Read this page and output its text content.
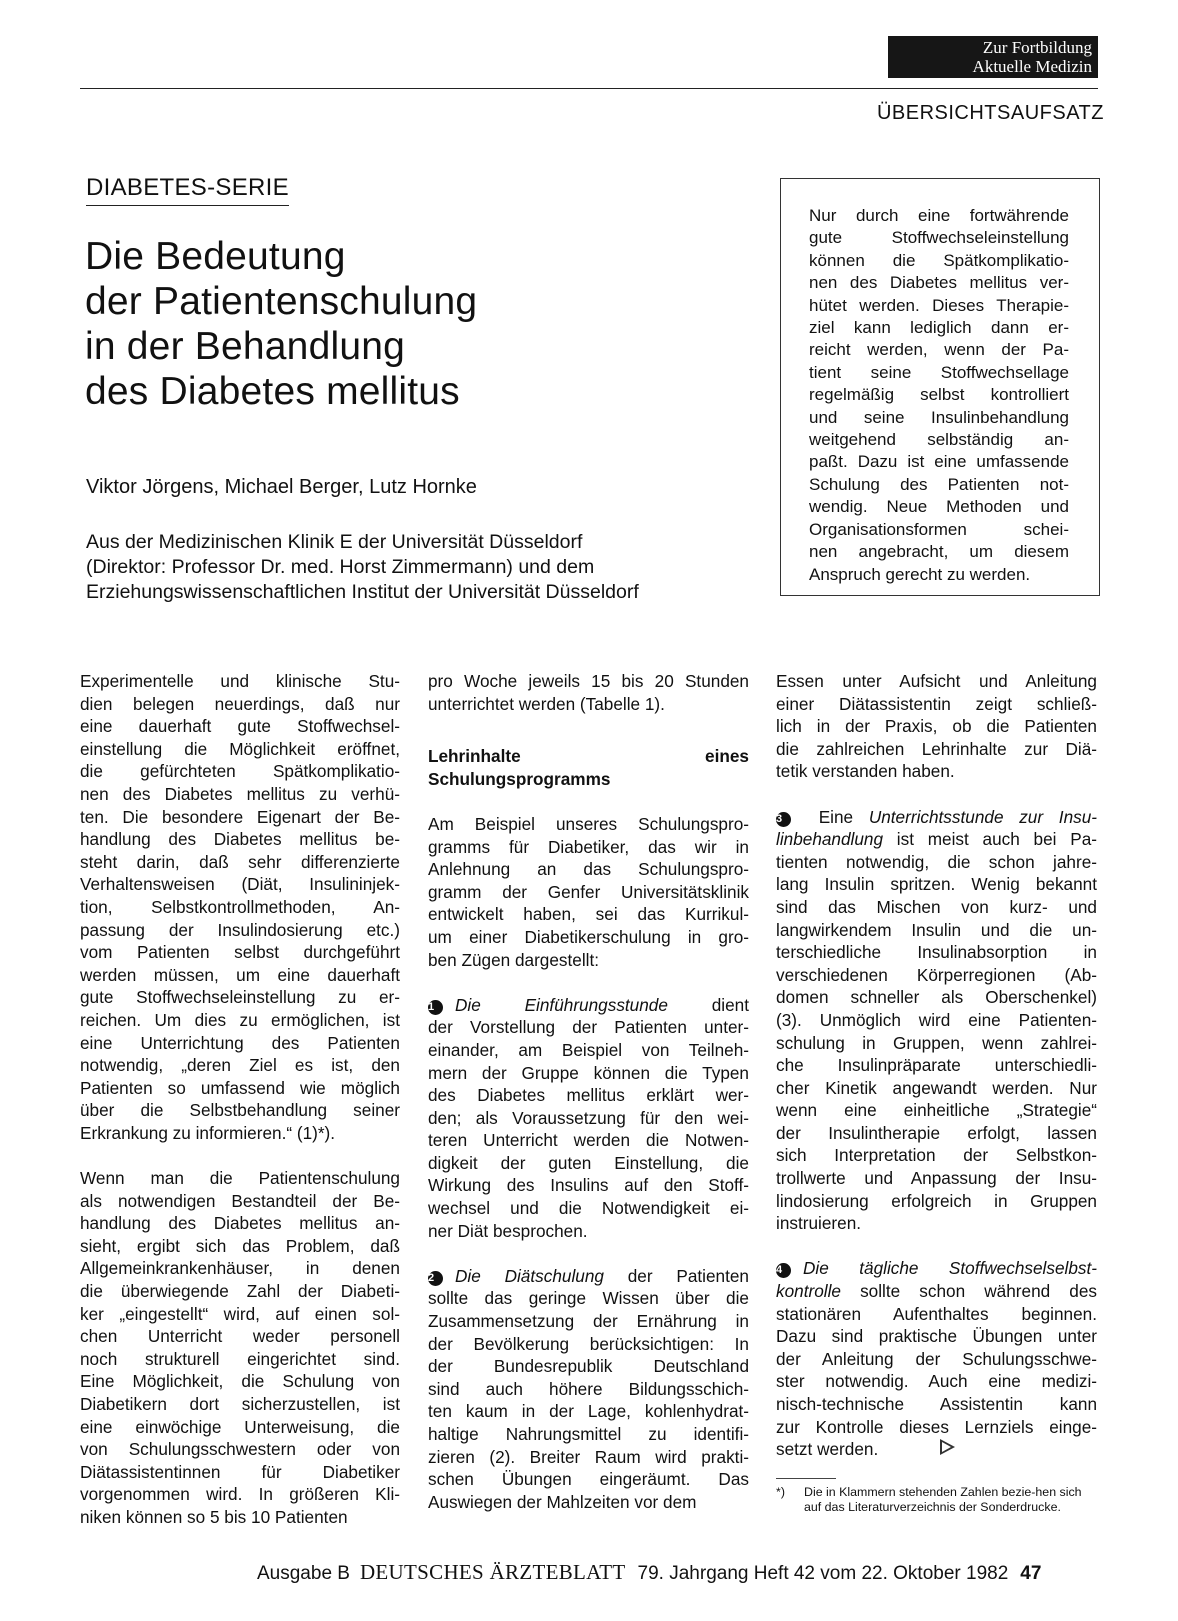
Zur Fortbildung
Aktuelle Medizin
ÜBERSICHTSAUFSATZ
DIABETES-SERIE
Die Bedeutung
der Patientenschulung
in der Behandlung
des Diabetes mellitus
Viktor Jörgens, Michael Berger, Lutz Hornke
Aus der Medizinischen Klinik E der Universität Düsseldorf
(Direktor: Professor Dr. med. Horst Zimmermann) und dem
Erziehungswissenschaftlichen Institut der Universität Düsseldorf
Nur durch eine fortwährende
gute Stoffwechseleinstellung
können die Spätkomplikatio-
nen des Diabetes mellitus ver-
hütet werden. Dieses Therapie-
ziel kann lediglich dann er-
reicht werden, wenn der Pa-
tient seine Stoffwechsellage
regelmäßig selbst kontrolliert
und seine Insulinbehandlung
weitgehend selbständig an-
paßt. Dazu ist eine umfassende
Schulung des Patienten not-
wendig. Neue Methoden und
Organisationsformen schei-
nen angebracht, um diesem
Anspruch gerecht zu werden.
Experimentelle und klinische Stu-
dien belegen neuerdings, daß nur
eine dauerhaft gute Stoffwechsel-
einstellung die Möglichkeit eröffnet,
die gefürchteten Spätkomplikatio-
nen des Diabetes mellitus zu verhü-
ten. Die besondere Eigenart der Be-
handlung des Diabetes mellitus be-
steht darin, daß sehr differenzierte
Verhaltensweisen (Diät, Insulininjek-
tion, Selbstkontrollmethoden, An-
passung der Insulindosierung etc.)
vom Patienten selbst durchgeführt
werden müssen, um eine dauerhaft
gute Stoffwechseleinstellung zu er-
reichen. Um dies zu ermöglichen, ist
eine Unterrichtung des Patienten
notwendig, „deren Ziel es ist, den
Patienten so umfassend wie möglich
über die Selbstbehandlung seiner
Erkrankung zu informieren.“ (1)*).
Wenn man die Patientenschulung
als notwendigen Bestandteil der Be-
handlung des Diabetes mellitus an-
sieht, ergibt sich das Problem, daß
Allgemeinkrankenhäuser, in denen
die überwiegende Zahl der Diabeti-
ker „eingestellt“ wird, auf einen sol-
chen Unterricht weder personell
noch strukturell eingerichtet sind.
Eine Möglichkeit, die Schulung von
Diabetikern dort sicherzustellen, ist
eine einwöchige Unterweisung, die
von Schulungsschwestern oder von
Diätassistentinnen für Diabetiker
vorgenommen wird. In größeren Kli-
niken können so 5 bis 10 Patienten
pro Woche jeweils 15 bis 20 Stunden
unterrichtet werden (Tabelle 1).
Lehrinhalte eines
Schulungsprogramms
Am Beispiel unseres Schulungspro-
gramms für Diabetiker, das wir in
Anlehnung an das Schulungspro-
gramm der Genfer Universitätsklinik
entwickelt haben, sei das Kurrikul-
um einer Diabetikerschulung in gro-
ben Zügen dargestellt:
1 Die Einführungsstunde dient
der Vorstellung der Patienten unter-
einander, am Beispiel von Teilneh-
mern der Gruppe können die Typen
des Diabetes mellitus erklärt wer-
den; als Voraussetzung für den wei-
teren Unterricht werden die Notwen-
digkeit der guten Einstellung, die
Wirkung des Insulins auf den Stoff-
wechsel und die Notwendigkeit ei-
ner Diät besprochen.
2 Die Diätschulung der Patienten
sollte das geringe Wissen über die
Zusammensetzung der Ernährung in
der Bevölkerung berücksichtigen: In
der Bundesrepublik Deutschland
sind auch höhere Bildungsschich-
ten kaum in der Lage, kohlenhydrat-
haltige Nahrungsmittel zu identifi-
zieren (2). Breiter Raum wird prakti-
schen Übungen eingeräumt. Das
Auswiegen der Mahlzeiten vor dem
Essen unter Aufsicht und Anleitung
einer Diätassistentin zeigt schließ-
lich in der Praxis, ob die Patienten
die zahlreichen Lehrinhalte zur Diä-
tetik verstanden haben.
3 Eine Unterrichtsstunde zur Insu-
linbehandlung ist meist auch bei Pa-
tienten notwendig, die schon jahre-
lang Insulin spritzen. Wenig bekannt
sind das Mischen von kurz- und
langwirkendem Insulin und die un-
terschiedliche Insulinabsorption in
verschiedenen Körperregionen (Ab-
domen schneller als Oberschenkel)
(3). Unmöglich wird eine Patienten-
schulung in Gruppen, wenn zahlrei-
che Insulinpräparate unterschiedli-
cher Kinetik angewandt werden. Nur
wenn eine einheitliche „Strategie“
der Insulintherapie erfolgt, lassen
sich Interpretation der Selbstkon-
trollwerte und Anpassung der Insu-
lindosierung erfolgreich in Gruppen
instruieren.
4 Die tägliche Stoffwechselselbst-
kontrolle sollte schon während des
stationären Aufenthaltes beginnen.
Dazu sind praktische Übungen unter
der Anleitung der Schulungsschwe-
ster notwendig. Auch eine medizi-
nisch-technische Assistentin kann
zur Kontrolle dieses Lernziels einge-
setzt werden.
*) Die in Klammern stehenden Zahlen bezie-hen sich auf das Literaturverzeichnis der Sonderdrucke.
Ausgabe B DEUTSCHES ÄRZTEBLATT 79. Jahrgang Heft 42 vom 22. Oktober 1982 47
